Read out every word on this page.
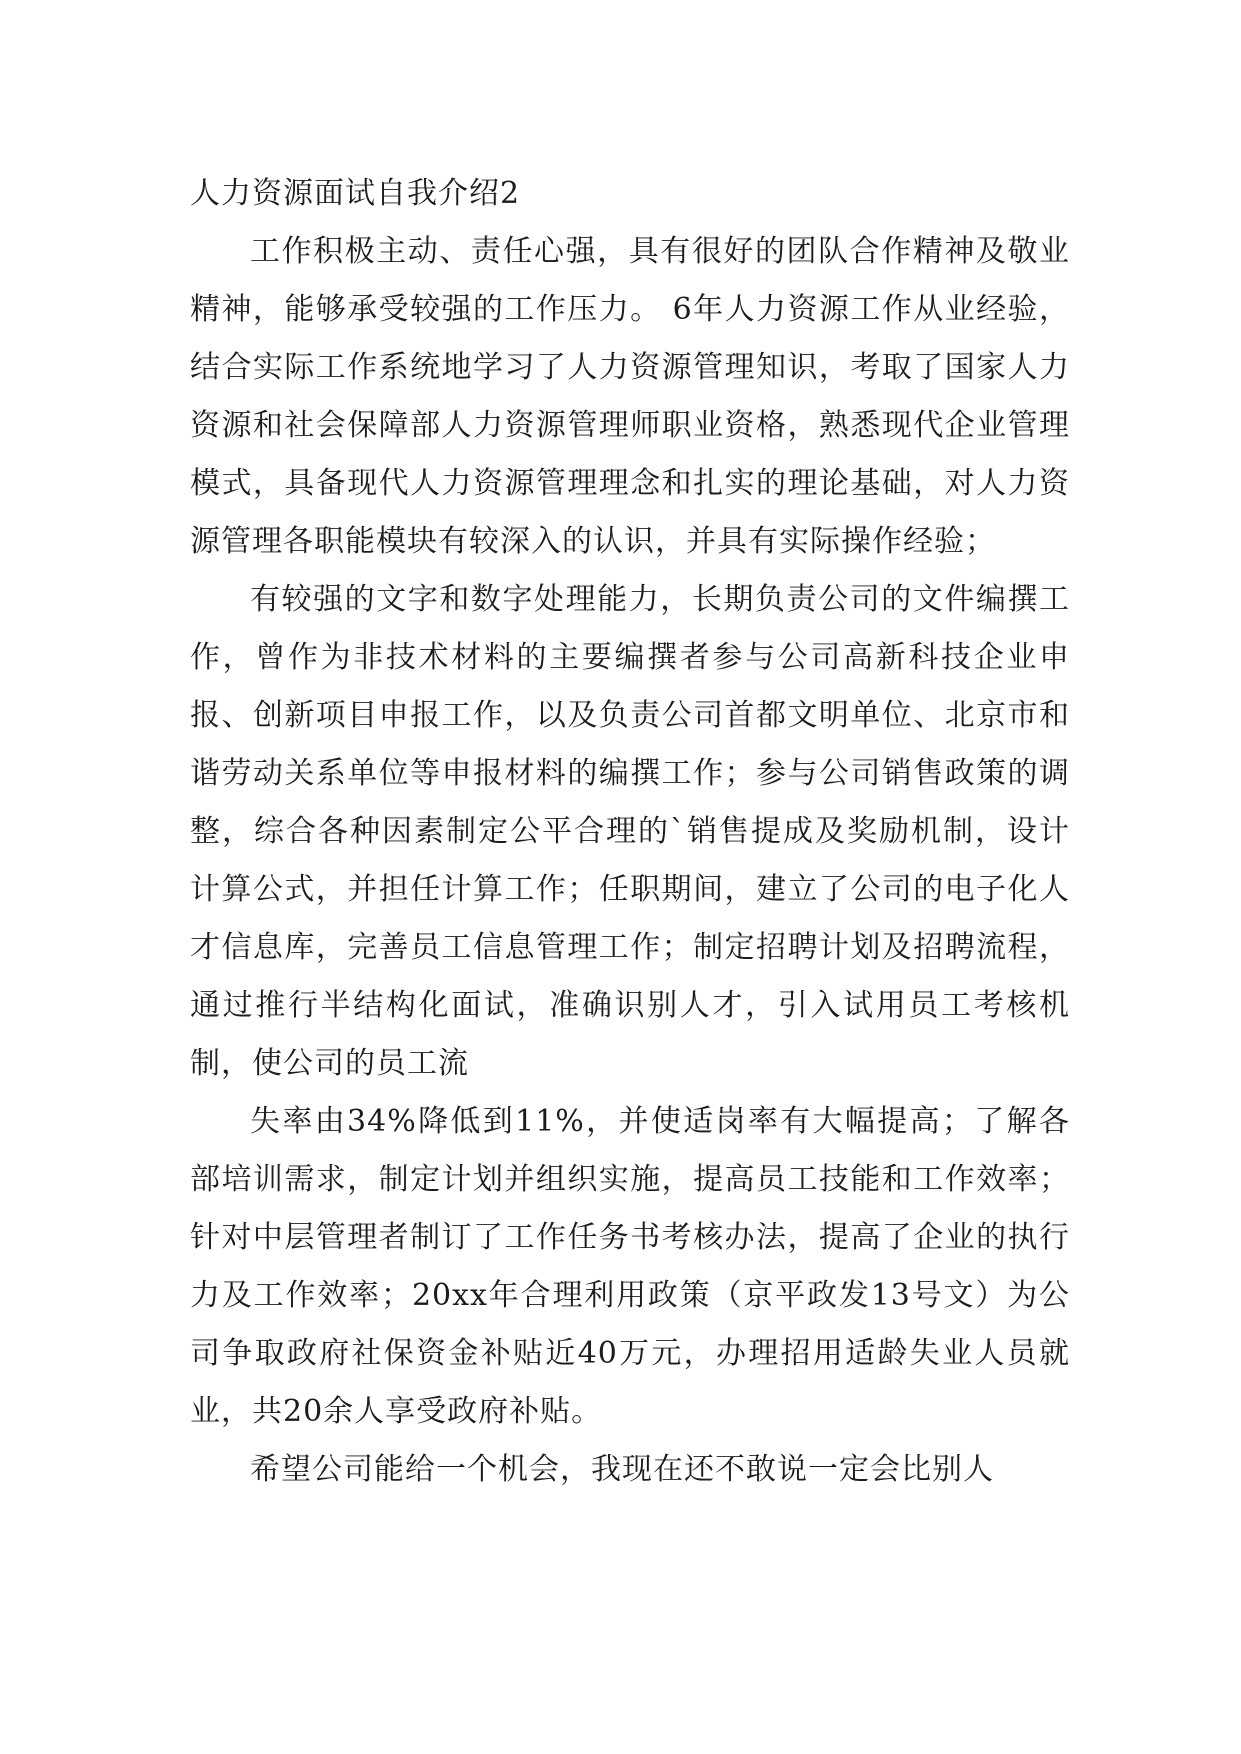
人力资源面试自我介绍2

工作积极主动、责任心强，具有很好的团队合作精神及敬业精神，能够承受较强的工作压力。 6年人力资源工作从业经验，结合实际工作系统地学习了人力资源管理知识，考取了国家人力资源和社会保障部人力资源管理师职业资格，熟悉现代企业管理模式，具备现代人力资源管理理念和扎实的理论基础，对人力资源管理各职能模块有较深入的认识，并具有实际操作经验；

有较强的文字和数字处理能力，长期负责公司的文件编撰工作，曾作为非技术材料的主要编撰者参与公司高新科技企业申报、创新项目申报工作，以及负责公司首都文明单位、北京市和谐劳动关系单位等申报材料的编撰工作；参与公司销售政策的调整，综合各种因素制定公平合理的`销售提成及奖励机制，设计计算公式，并担任计算工作；任职期间，建立了公司的电子化人才信息库，完善员工信息管理工作；制定招聘计划及招聘流程，通过推行半结构化面试，准确识别人才，引入试用员工考核机制，使公司的员工流

失率由34%降低到11%，并使适岗率有大幅提高；了解各部培训需求，制定计划并组织实施，提高员工技能和工作效率；针对中层管理者制订了工作任务书考核办法，提高了企业的执行力及工作效率；20xx年合理利用政策（京平政发13号文）为公司争取政府社保资金补贴近40万元，办理招用适龄失业人员就业，共20余人享受政府补贴。

希望公司能给一个机会，我现在还不敢说一定会比别人
